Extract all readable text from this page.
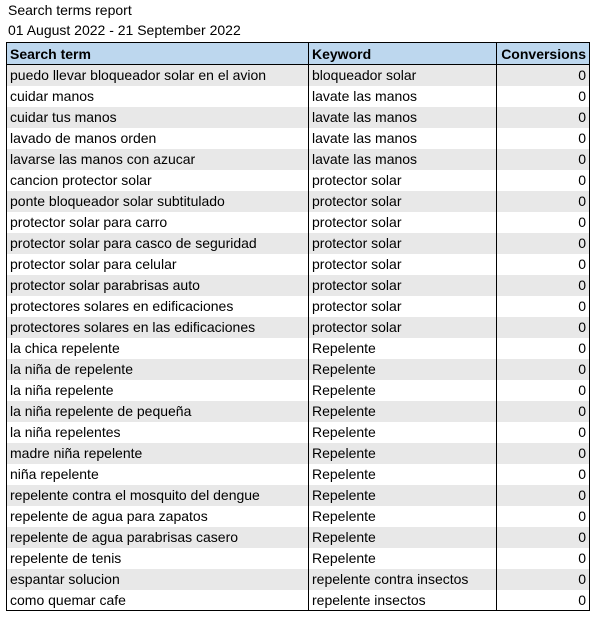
Search terms report
01 August 2022 - 21 September 2022
Search term	Keyword	Conversions
puedo llevar bloqueador solar en el avion	bloqueador solar	0
cuidar manos	lavate las manos	0
cuidar tus manos	lavate las manos	0
lavado de manos orden	lavate las manos	0
lavarse las manos con azucar	lavate las manos	0
cancion protector solar	protector solar	0
ponte bloqueador solar subtitulado	protector solar	0
protector solar para carro	protector solar	0
protector solar para casco de seguridad	protector solar	0
protector solar para celular	protector solar	0
protector solar parabrisas auto	protector solar	0
protectores solares en edificaciones	protector solar	0
protectores solares en las edificaciones	protector solar	0
la chica repelente	Repelente	0
la niña de repelente	Repelente	0
la niña repelente	Repelente	0
la niña repelente de pequeña	Repelente	0
la niña repelentes	Repelente	0
madre niña repelente	Repelente	0
niña repelente	Repelente	0
repelente contra el mosquito del dengue	Repelente	0
repelente de agua para zapatos	Repelente	0
repelente de agua parabrisas casero	Repelente	0
repelente de tenis	Repelente	0
espantar solucion	repelente contra insectos	0
como quemar cafe	repelente insectos	0
